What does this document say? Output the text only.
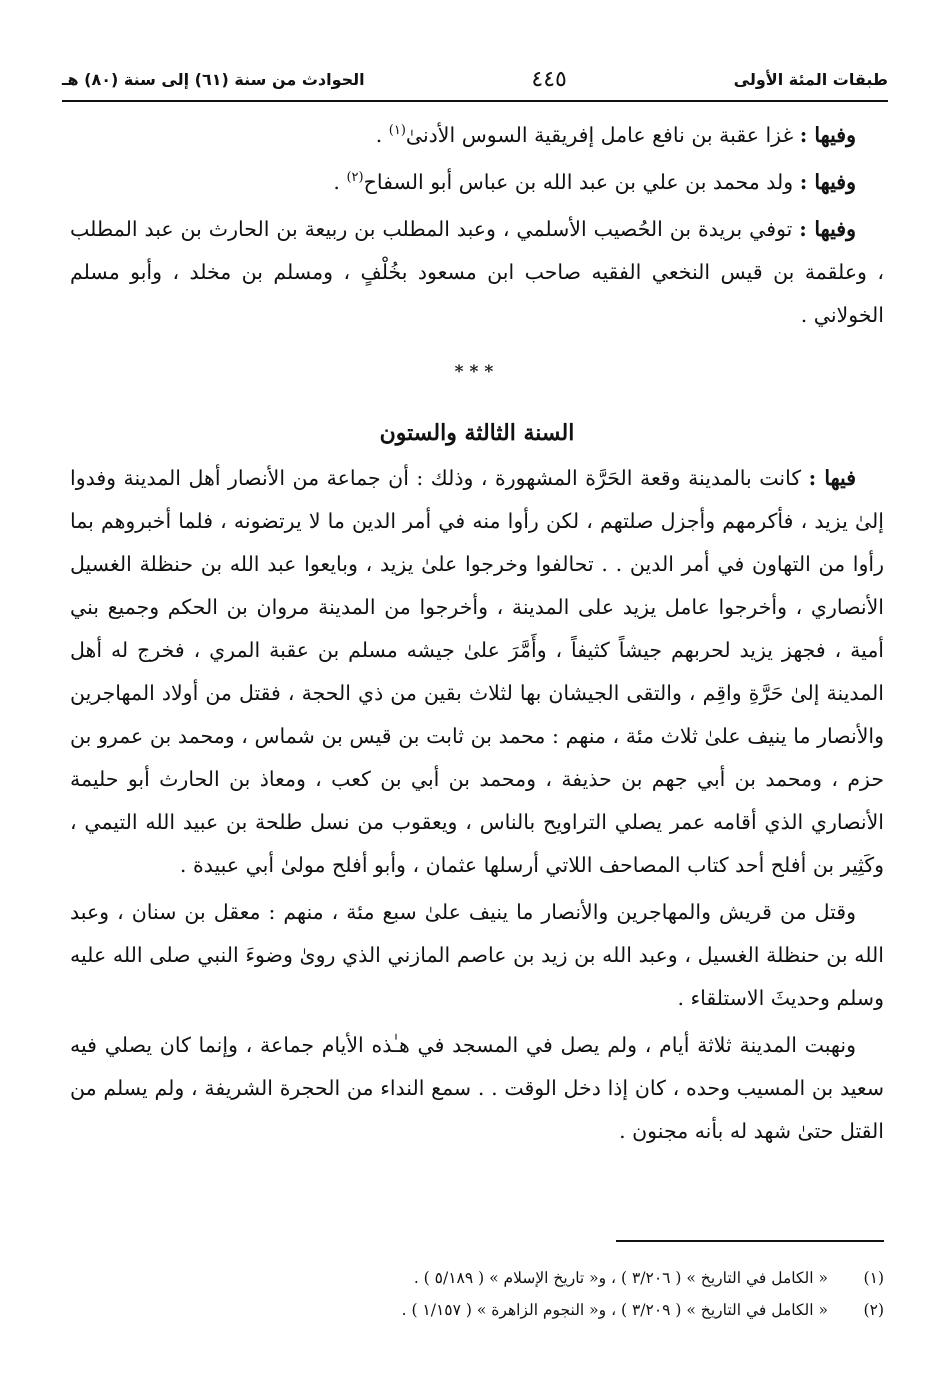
طبقات المئة الأولى
٤٤٥
الحوادث من سنة (٦١) إلى سنة (٨٠) هـ

وفيها : غزا عقبة بن نافع عامل إفريقية السوس الأدنىٰ$^{(١)}$ .

وفيها : ولد محمد بن علي بن عبد الله بن عباس أبو السفاح$^{(٢)}$ .

وفيها : توفي بريدة بن الحُصيب الأسلمي ، وعبد المطلب بن ربيعة بن الحارث بن عبد المطلب ، وعلقمة بن قيس النخعي الفقيه صاحب ابن مسعود بخُلْفٍ ، ومسلم بن مخلد ، وأبو مسلم الخولاني .

***
السنة الثالثة والستون

فيها : كانت بالمدينة وقعة الحَرَّة المشهورة ، وذلك : أن جماعة من الأنصار أهل المدينة وفدوا إلىٰ يزيد ، فأكرمهم وأجزل صلتهم ، لكن رأوا منه في أمر الدين ما لا يرتضونه ، فلما أخبروهم بما رأوا من التهاون في أمر الدين . . تحالفوا وخرجوا علىٰ يزيد ، وبايعوا عبد الله بن حنظلة الغسيل الأنصاري ، وأخرجوا عامل يزيد على المدينة ، وأخرجوا من المدينة مروان بن الحكم وجميع بني أمية ، فجهز يزيد لحربهم جيشاً كثيفاً ، وأَمَّرَ علىٰ جيشه مسلم بن عقبة المري ، فخرج له أهل المدينة إلىٰ حَرَّةِ واقِم ، والتقى الجيشان بها لثلاث بقين من ذي الحجة ، فقتل من أولاد المهاجرين والأنصار ما ينيف علىٰ ثلاث مئة ، منهم : محمد بن ثابت بن قيس بن شماس ، ومحمد بن عمرو بن حزم ، ومحمد بن أبي جهم بن حذيفة ، ومحمد بن أبي بن كعب ، ومعاذ بن الحارث أبو حليمة الأنصاري الذي أقامه عمر يصلي التراويح بالناس ، ويعقوب من نسل طلحة بن عبيد الله التيمي ، وكَثِير بن أفلح أحد كتاب المصاحف اللاتي أرسلها عثمان ، وأبو أفلح مولىٰ أبي عبيدة .

وقتل من قريش والمهاجرين والأنصار ما ينيف علىٰ سبع مئة ، منهم : معقل بن سنان ، وعبد الله بن حنظلة الغسيل ، وعبد الله بن زيد بن عاصم المازني الذي روىٰ وضوءَ النبي صلى الله عليه وسلم وحديثَ الاستلقاء .

ونهبت المدينة ثلاثة أيام ، ولم يصل في المسجد في هـٰذه الأيام جماعة ، وإنما كان يصلي فيه سعيد بن المسيب وحده ، كان إذا دخل الوقت . . سمع النداء من الحجرة الشريفة ، ولم يسلم من القتل حتىٰ شهد له بأنه مجنون .

(١)
« الكامل في التاريخ » ( ٣/٢٠٦ ) ، و« تاريخ الإسلام » ( ٥/١٨٩ ) .
(٢)
« الكامل في التاريخ » ( ٣/٢٠٩ ) ، و« النجوم الزاهرة » ( ١/١٥٧ ) .
